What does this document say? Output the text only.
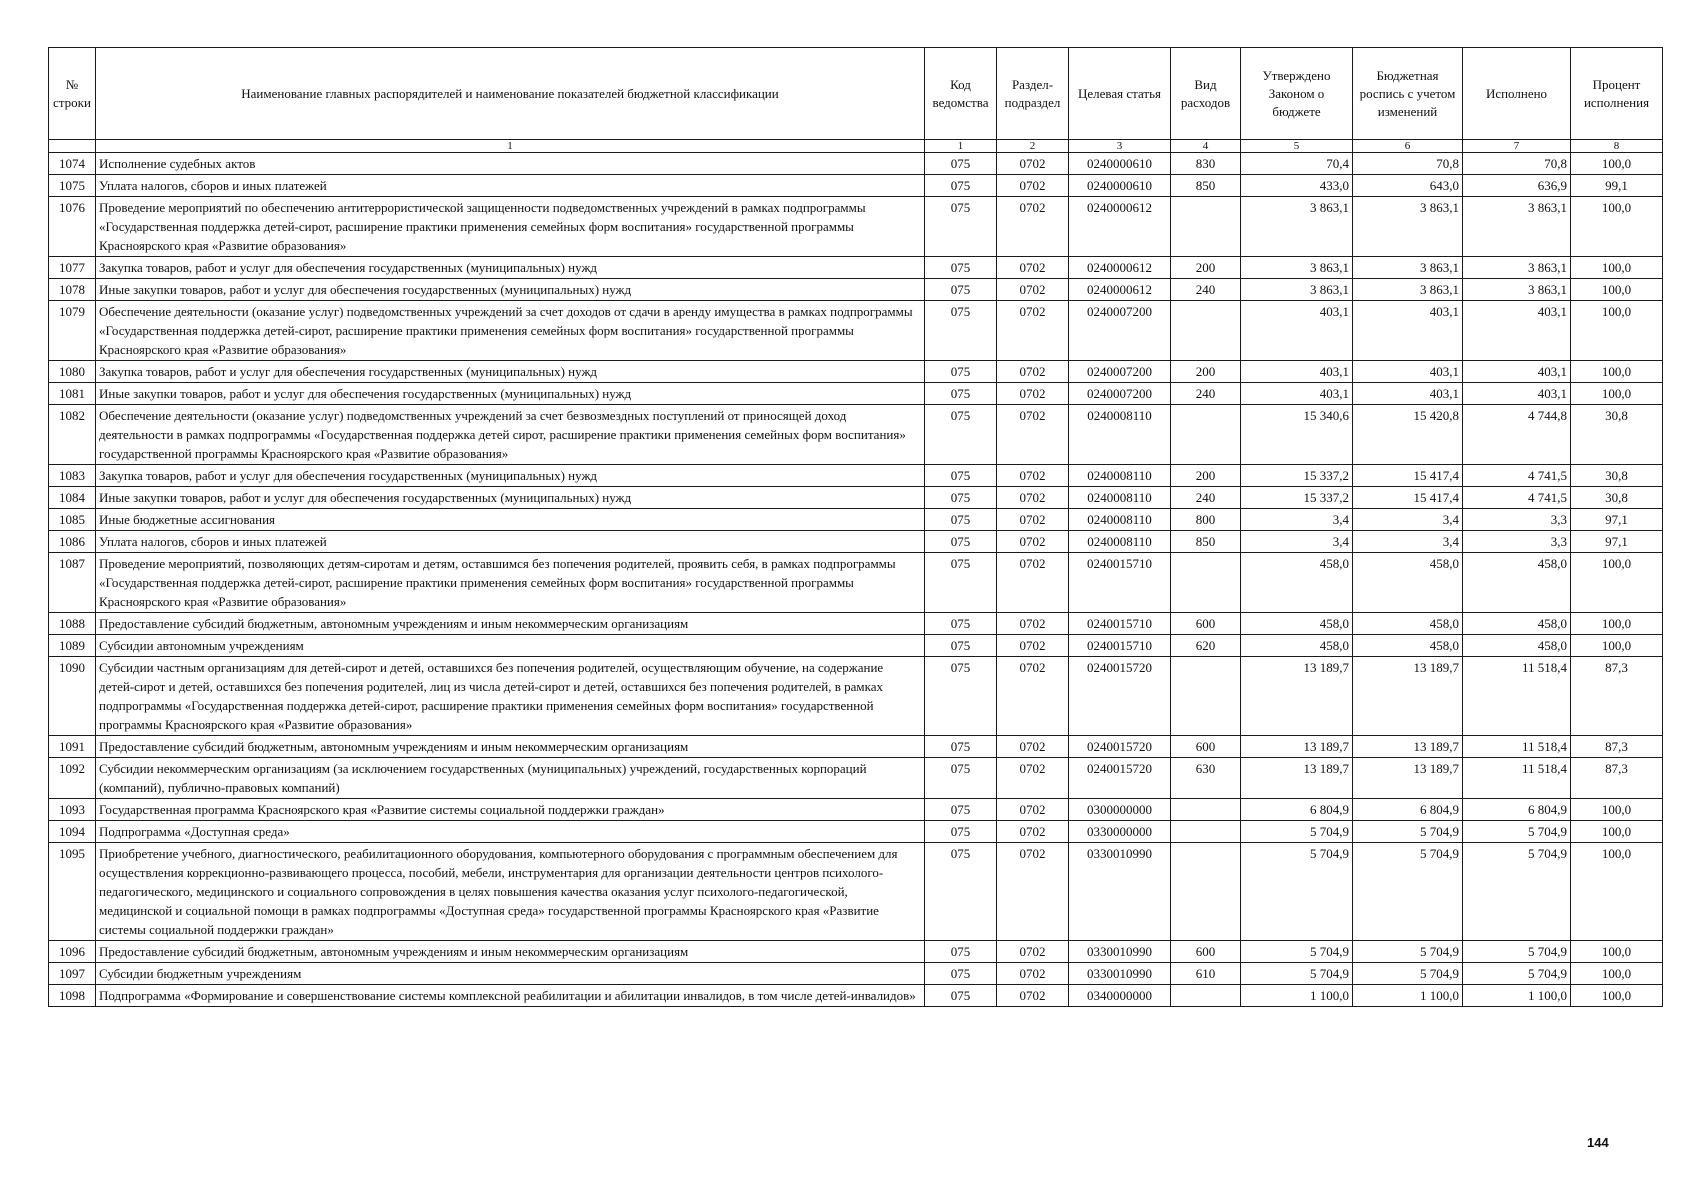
№ строки	Наименование главных распорядителей и наименование показателей бюджетной классификации	Код ведомства	Раздел-подраздел	Целевая статья	Вид расходов	Утверждено Законом о бюджете	Бюджетная роспись с учетом изменений	Исполнено	Процент исполнения
	1	1	2	3	4	5	6	7	8
1074	Исполнение судебных актов	075	0702	0240000610	830	70,4	70,8	70,8	100,0
1075	Уплата налогов, сборов и иных платежей	075	0702	0240000610	850	433,0	643,0	636,9	99,1
1076	Проведение мероприятий по обеспечению антитеррористической защищенности подведомственных учреждений в рамках подпрограммы «Государственная поддержка детей-сирот, расширение практики применения семейных форм воспитания» государственной программы Красноярского края «Развитие образования»	075	0702	0240000612		3 863,1	3 863,1	3 863,1	100,0
1077	Закупка товаров, работ и услуг для обеспечения государственных (муниципальных) нужд	075	0702	0240000612	200	3 863,1	3 863,1	3 863,1	100,0
1078	Иные закупки товаров, работ и услуг для обеспечения государственных (муниципальных) нужд	075	0702	0240000612	240	3 863,1	3 863,1	3 863,1	100,0
1079	Обеспечение деятельности (оказание услуг) подведомственных учреждений за счет доходов от сдачи в аренду имущества в рамках подпрограммы «Государственная поддержка детей-сирот, расширение практики применения семейных форм воспитания» государственной программы Красноярского края «Развитие образования»	075	0702	0240007200		403,1	403,1	403,1	100,0
1080	Закупка товаров, работ и услуг для обеспечения государственных (муниципальных) нужд	075	0702	0240007200	200	403,1	403,1	403,1	100,0
1081	Иные закупки товаров, работ и услуг для обеспечения государственных (муниципальных) нужд	075	0702	0240007200	240	403,1	403,1	403,1	100,0
1082	Обеспечение деятельности (оказание услуг) подведомственных учреждений за счет безвозмездных поступлений от приносящей доход деятельности в рамках подпрограммы «Государственная поддержка детей сирот, расширение практики применения семейных форм воспитания» государственной программы Красноярского края «Развитие образования»	075	0702	0240008110		15 340,6	15 420,8	4 744,8	30,8
1083	Закупка товаров, работ и услуг для обеспечения государственных (муниципальных) нужд	075	0702	0240008110	200	15 337,2	15 417,4	4 741,5	30,8
1084	Иные закупки товаров, работ и услуг для обеспечения государственных (муниципальных) нужд	075	0702	0240008110	240	15 337,2	15 417,4	4 741,5	30,8
1085	Иные бюджетные ассигнования	075	0702	0240008110	800	3,4	3,4	3,3	97,1
1086	Уплата налогов, сборов и иных платежей	075	0702	0240008110	850	3,4	3,4	3,3	97,1
1087	Проведение мероприятий, позволяющих детям-сиротам и детям, оставшимся без попечения родителей, проявить себя, в рамках подпрограммы «Государственная поддержка детей-сирот, расширение практики применения семейных форм воспитания» государственной программы Красноярского края «Развитие образования»	075	0702	0240015710		458,0	458,0	458,0	100,0
1088	Предоставление субсидий бюджетным, автономным учреждениям и иным некоммерческим организациям	075	0702	0240015710	600	458,0	458,0	458,0	100,0
1089	Субсидии автономным учреждениям	075	0702	0240015710	620	458,0	458,0	458,0	100,0
1090	Субсидии частным организациям для детей-сирот и детей, оставшихся без попечения родителей, осуществляющим обучение, на содержание детей-сирот и детей, оставшихся без попечения родителей, лиц из числа детей-сирот и детей, оставшихся без попечения родителей, в рамках подпрограммы «Государственная поддержка детей-сирот, расширение практики применения семейных форм воспитания» государственной программы Красноярского края «Развитие образования»	075	0702	0240015720		13 189,7	13 189,7	11 518,4	87,3
1091	Предоставление субсидий бюджетным, автономным учреждениям и иным некоммерческим организациям	075	0702	0240015720	600	13 189,7	13 189,7	11 518,4	87,3
1092	Субсидии некоммерческим организациям (за исключением государственных (муниципальных) учреждений, государственных корпораций (компаний), публично-правовых компаний)	075	0702	0240015720	630	13 189,7	13 189,7	11 518,4	87,3
1093	Государственная программа Красноярского края «Развитие системы социальной поддержки граждан»	075	0702	0300000000		6 804,9	6 804,9	6 804,9	100,0
1094	Подпрограмма «Доступная среда»	075	0702	0330000000		5 704,9	5 704,9	5 704,9	100,0
1095	Приобретение учебного, диагностического, реабилитационного оборудования, компьютерного оборудования с программным обеспечением для осуществления коррекционно-развивающего процесса, пособий, мебели, инструментария для организации деятельности центров психолого-педагогического, медицинского и социального сопровождения в целях повышения качества оказания услуг психолого-педагогической, медицинской и социальной помощи в рамках подпрограммы «Доступная среда» государственной программы Красноярского края «Развитие системы социальной поддержки граждан»	075	0702	0330010990		5 704,9	5 704,9	5 704,9	100,0
1096	Предоставление субсидий бюджетным, автономным учреждениям и иным некоммерческим организациям	075	0702	0330010990	600	5 704,9	5 704,9	5 704,9	100,0
1097	Субсидии бюджетным учреждениям	075	0702	0330010990	610	5 704,9	5 704,9	5 704,9	100,0
1098	Подпрограмма «Формирование и совершенствование системы комплексной реабилитации и абилитации инвалидов, в том числе детей-инвалидов»	075	0702	0340000000		1 100,0	1 100,0	1 100,0	100,0
144
